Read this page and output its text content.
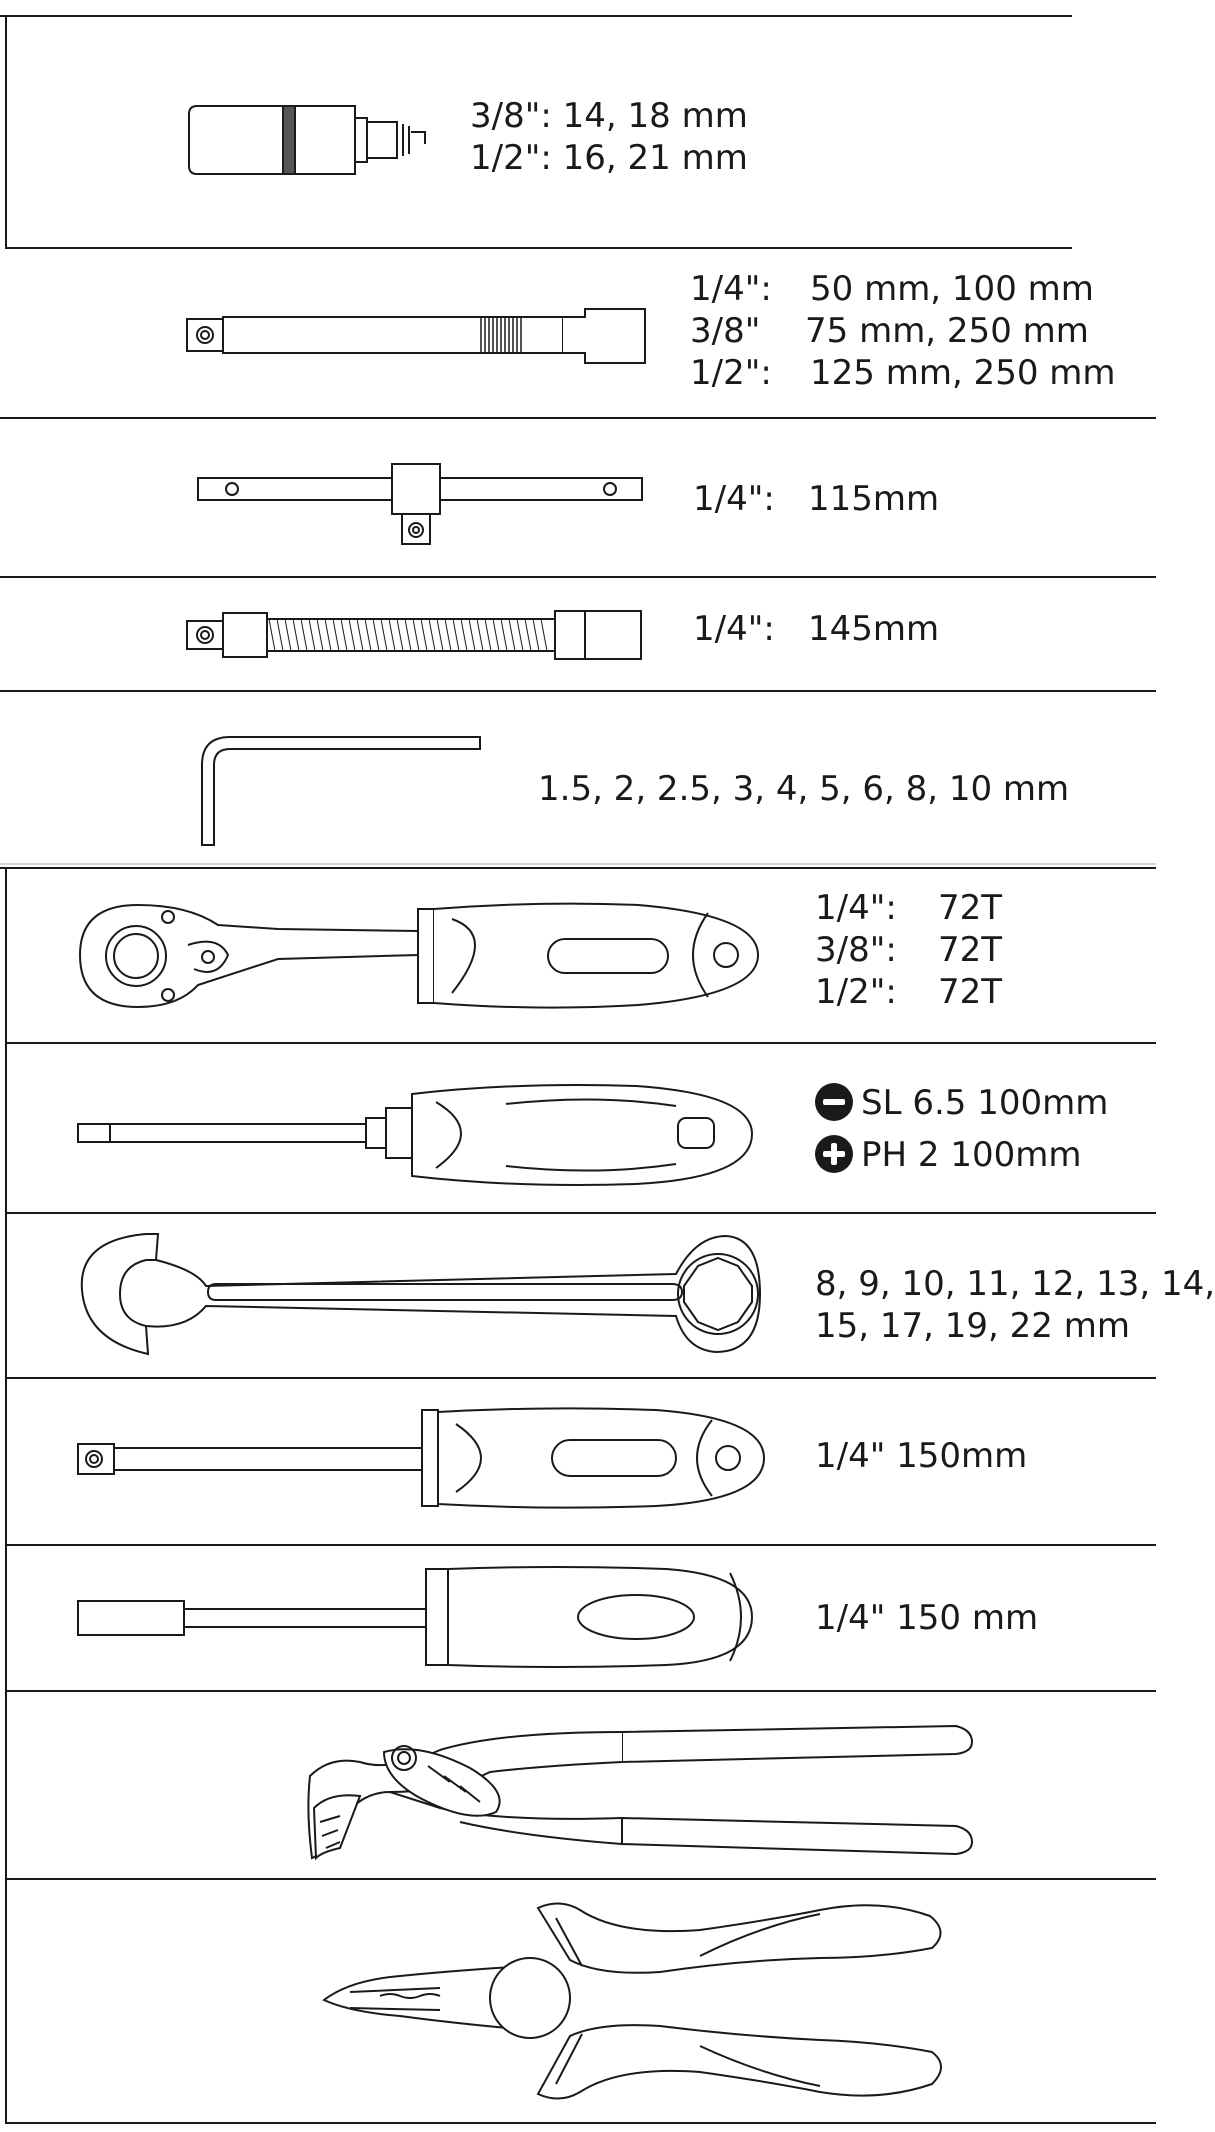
3/8": 14, 18 mm
1/2": 16, 21 mm
1/4": 50 mm, 100 mm
3/8" 75 mm, 250 mm
1/2": 125 mm, 250 mm
1/4": 115mm
1/4": 145mm
1.5, 2, 2.5, 3, 4, 5, 6, 8, 10 mm
1/4": 72T
3/8": 72T
1/2": 72T
SL 6.5 100mm
PH 2 100mm
8, 9, 10, 11, 12, 13, 14,
15, 17, 19, 22 mm
1/4" 150mm
1/4" 150 mm
